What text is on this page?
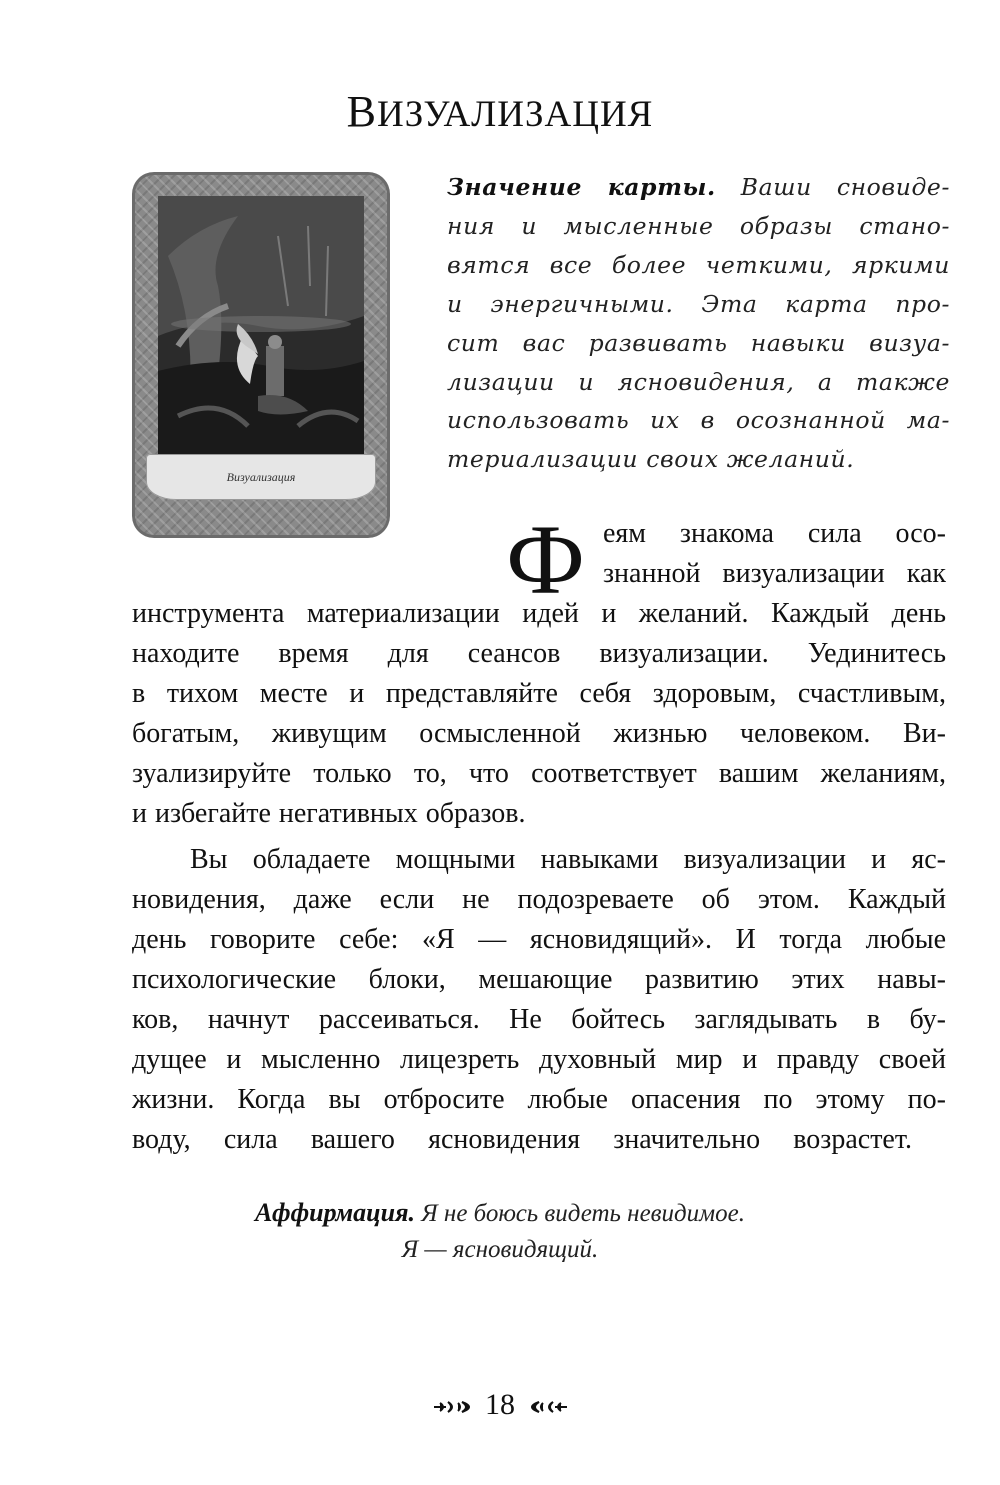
ВИЗУАЛИЗАЦИЯ
Визуализация
Значение карты. Ваши сновиде-
ния и мысленные образы стано-
вятся все более четкими, яркими
и энергичными. Эта карта про-
сит вас развивать навыки визуа-
лизации и ясновидения, а также
использовать их в осознанной ма-
териализации своих желаний.
Ф еям знакома сила осо-
знанной визуализации как
инструмента материализации идей и желаний. Каждый день
находите время для сеансов визуализации. Уединитесь
в тихом месте и представляйте себя здоровым, счастливым,
богатым, живущим осмысленной жизнью человеком. Ви-
зуализируйте только то, что соответствует вашим желаниям,
и избегайте негативных образов.
Вы обладаете мощными навыками визуализации и яс-
новидения, даже если не подозреваете об этом. Каждый
день говорите себе: «Я — ясновидящий». И тогда любые
психологические блоки, мешающие развитию этих навы-
ков, начнут рассеиваться. Не бойтесь заглядывать в бу-
дущее и мысленно лицезреть духовный мир и правду своей
жизни. Когда вы отбросите любые опасения по этому по-
воду, сила вашего ясновидения значительно возрастет.
Аффирмация. Я не боюсь видеть невидимое.
Я — ясновидящий.
18
